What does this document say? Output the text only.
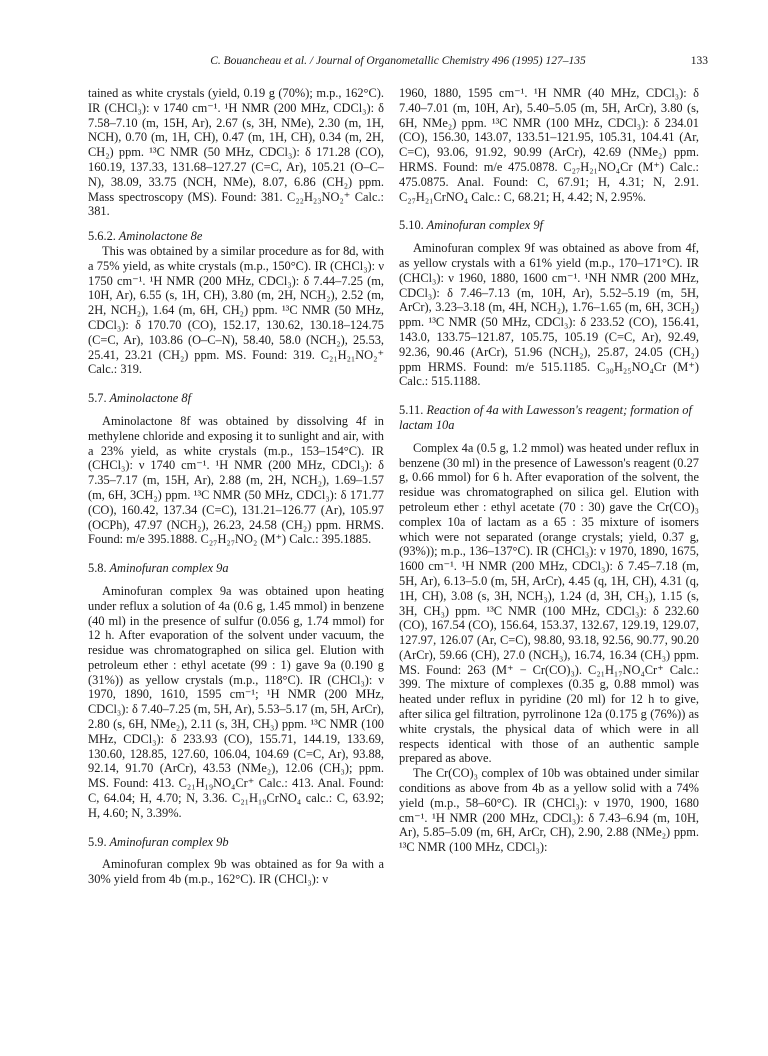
C. Bouancheau et al. / Journal of Organometallic Chemistry 496 (1995) 127–135	133

tained as white crystals (yield, 0.19 g (70%); m.p., 162°C). IR (CHCl₃): ν 1740 cm⁻¹. ¹H NMR (200 MHz, CDCl₃): δ 7.58–7.10 (m, 15H, Ar), 2.67 (s, 3H, NMe), 2.30 (m, 1H, NCH), 0.70 (m, 1H, CH), 0.47 (m, 1H, CH), 0.34 (m, 2H, CH₂) ppm. ¹³C NMR (50 MHz, CDCl₃): δ 171.28 (CO), 160.19, 137.33, 131.68–127.27 (C=C, Ar), 105.21 (O–C–N), 38.09, 33.75 (NCH, NMe), 8.07, 6.86 (CH₂) ppm. Mass spectroscopy (MS). Found: 381. C₂₂H₂₃NO₂⁺ Calc.: 381.

5.6.2. Aminolactone 8e

This was obtained by a similar procedure as for 8d, with a 75% yield, as white crystals (m.p., 150°C). IR (CHCl₃): ν 1750 cm⁻¹. ¹H NMR (200 MHz, CDCl₃): δ 7.44–7.25 (m, 10H, Ar), 6.55 (s, 1H, CH), 3.80 (m, 2H, NCH₂), 2.52 (m, 2H, NCH₂), 1.64 (m, 6H, CH₂) ppm. ¹³C NMR (50 MHz, CDCl₃): δ 170.70 (CO), 152.17, 130.62, 130.18–124.75 (C=C, Ar), 103.86 (O–C–N), 58.40, 58.0 (NCH₂), 25.53, 25.41, 23.21 (CH₂) ppm. MS. Found: 319. C₂₁H₂₁NO₂⁺ Calc.: 319.

5.7. Aminolactone 8f

Aminolactone 8f was obtained by dissolving 4f in methylene chloride and exposing it to sunlight and air, with a 23% yield, as white crystals (m.p., 153–154°C). IR (CHCl₃): ν 1740 cm⁻¹. ¹H NMR (200 MHz, CDCl₃): δ 7.35–7.17 (m, 15H, Ar), 2.88 (m, 2H, NCH₂), 1.69–1.57 (m, 6H, 3CH₂) ppm. ¹³C NMR (50 MHz, CDCl₃): δ 171.77 (CO), 160.42, 137.34 (C=C), 131.21–126.77 (Ar), 105.97 (OCPh), 47.97 (NCH₂), 26.23, 24.58 (CH₂) ppm. HRMS. Found: m/e 395.1888. C₂₇H₂₇NO₂ (M⁺) Calc.: 395.1885.

5.8. Aminofuran complex 9a

Aminofuran complex 9a was obtained upon heating under reflux a solution of 4a (0.6 g, 1.45 mmol) in benzene (40 ml) in the presence of sulfur (0.056 g, 1.74 mmol) for 12 h. After evaporation of the solvent under vacuum, the residue was chromatographed on silica gel. Elution with petroleum ether : ethyl acetate (99 : 1) gave 9a (0.190 g (31%)) as yellow crystals (m.p., 118°C). IR (CHCl₃): ν 1970, 1890, 1610, 1595 cm⁻¹; ¹H NMR (200 MHz, CDCl₃): δ 7.40–7.25 (m, 5H, Ar), 5.53–5.17 (m, 5H, ArCr), 2.80 (s, 6H, NMe₂), 2.11 (s, 3H, CH₃) ppm. ¹³C NMR (100 MHz, CDCl₃): δ 233.93 (CO), 155.71, 144.19, 133.69, 130.60, 128.85, 127.60, 106.04, 104.69 (C=C, Ar), 93.88, 92.14, 91.70 (ArCr), 43.53 (NMe₂), 12.06 (CH₃); ppm. MS. Found: 413. C₂₁H₁₉NO₄Cr⁺ Calc.: 413. Anal. Found: C, 64.04; H, 4.70; N, 3.36. C₂₁H₁₉CrNO₄ calc.: C, 63.92; H, 4.60; N, 3.39%.

5.9. Aminofuran complex 9b

Aminofuran complex 9b was obtained as for 9a with a 30% yield from 4b (m.p., 162°C). IR (CHCl₃): ν

1960, 1880, 1595 cm⁻¹. ¹H NMR (40 MHz, CDCl₃): δ 7.40–7.01 (m, 10H, Ar), 5.40–5.05 (m, 5H, ArCr), 3.80 (s, 6H, NMe₂) ppm. ¹³C NMR (100 MHz, CDCl₃): δ 234.01 (CO), 156.30, 143.07, 133.51–121.95, 105.31, 104.41 (Ar, C=C), 93.06, 91.92, 90.99 (ArCr), 42.69 (NMe₂) ppm. HRMS. Found: m/e 475.0878. C₂₇H₂₁NO₄Cr (M⁺) Calc.: 475.0875. Anal. Found: C, 67.91; H, 4.31; N, 2.91. C₂₇H₂₁CrNO₄ Calc.: C, 68.21; H, 4.42; N, 2.95%.

5.10. Aminofuran complex 9f

Aminofuran complex 9f was obtained as above from 4f, as yellow crystals with a 61% yield (m.p., 170–171°C). IR (CHCl₃): ν 1960, 1880, 1600 cm⁻¹. ¹NH NMR (200 MHz, CDCl₃): δ 7.46–7.13 (m, 10H, Ar), 5.52–5.19 (m, 5H, ArCr), 3.23–3.18 (m, 4H, NCH₂), 1.76–1.65 (m, 6H, 3CH₂) ppm. ¹³C NMR (50 MHz, CDCl₃): δ 233.52 (CO), 156.41, 143.0, 133.75–121.87, 105.75, 105.19 (C=C, Ar), 92.49, 92.36, 90.46 (ArCr), 51.96 (NCH₂), 25.87, 24.05 (CH₂) ppm HRMS. Found: m/e 515.1185. C₃₀H₂₅NO₄Cr (M⁺) Calc.: 515.1188.

5.11. Reaction of 4a with Lawesson's reagent; formation of lactam 10a

Complex 4a (0.5 g, 1.2 mmol) was heated under reflux in benzene (30 ml) in the presence of Lawesson's reagent (0.27 g, 0.66 mmol) for 6 h. After evaporation of the solvent, the residue was chromatographed on silica gel. Elution with petroleum ether : ethyl acetate (70 : 30) gave the Cr(CO)₃ complex 10a of lactam as a 65 : 35 mixture of isomers which were not separated (orange crystals; yield, 0.37 g, (93%)); m.p., 136–137°C). IR (CHCl₃): ν 1970, 1890, 1675, 1600 cm⁻¹. ¹H NMR (200 MHz, CDCl₃): δ 7.45–7.18 (m, 5H, Ar), 6.13–5.0 (m, 5H, ArCr), 4.45 (q, 1H, CH), 4.31 (q, 1H, CH), 3.08 (s, 3H, NCH₃), 1.24 (d, 3H, CH₃), 1.15 (s, 3H, CH₃) ppm. ¹³C NMR (100 MHz, CDCl₃): δ 232.60 (CO), 167.54 (CO), 156.64, 153.37, 132.67, 129.19, 129.07, 127.97, 126.07 (Ar, C=C), 98.80, 93.18, 92.56, 90.77, 90.20 (ArCr), 59.66 (CH), 27.0 (NCH₃), 16.74, 16.34 (CH₃) ppm. MS. Found: 263 (M⁺ − Cr(CO)₃). C₂₁H₁₇NO₄Cr⁺ Calc.: 399. The mixture of complexes (0.35 g, 0.88 mmol) was heated under reflux in pyridine (20 ml) for 12 h to give, after silica gel filtration, pyrrolinone 12a (0.175 g (76%)) as white crystals, the physical data of which were in all respects identical with those of an authentic sample prepared as above.

The Cr(CO)₃ complex of 10b was obtained under similar conditions as above from 4b as a yellow solid with a 74% yield (m.p., 58–60°C). IR (CHCl₃): ν 1970, 1900, 1680 cm⁻¹. ¹H NMR (200 MHz, CDCl₃): δ 7.43–6.94 (m, 10H, Ar), 5.85–5.09 (m, 6H, ArCr, CH), 2.90, 2.88 (NMe₂) ppm. ¹³C NMR (100 MHz, CDCl₃):
